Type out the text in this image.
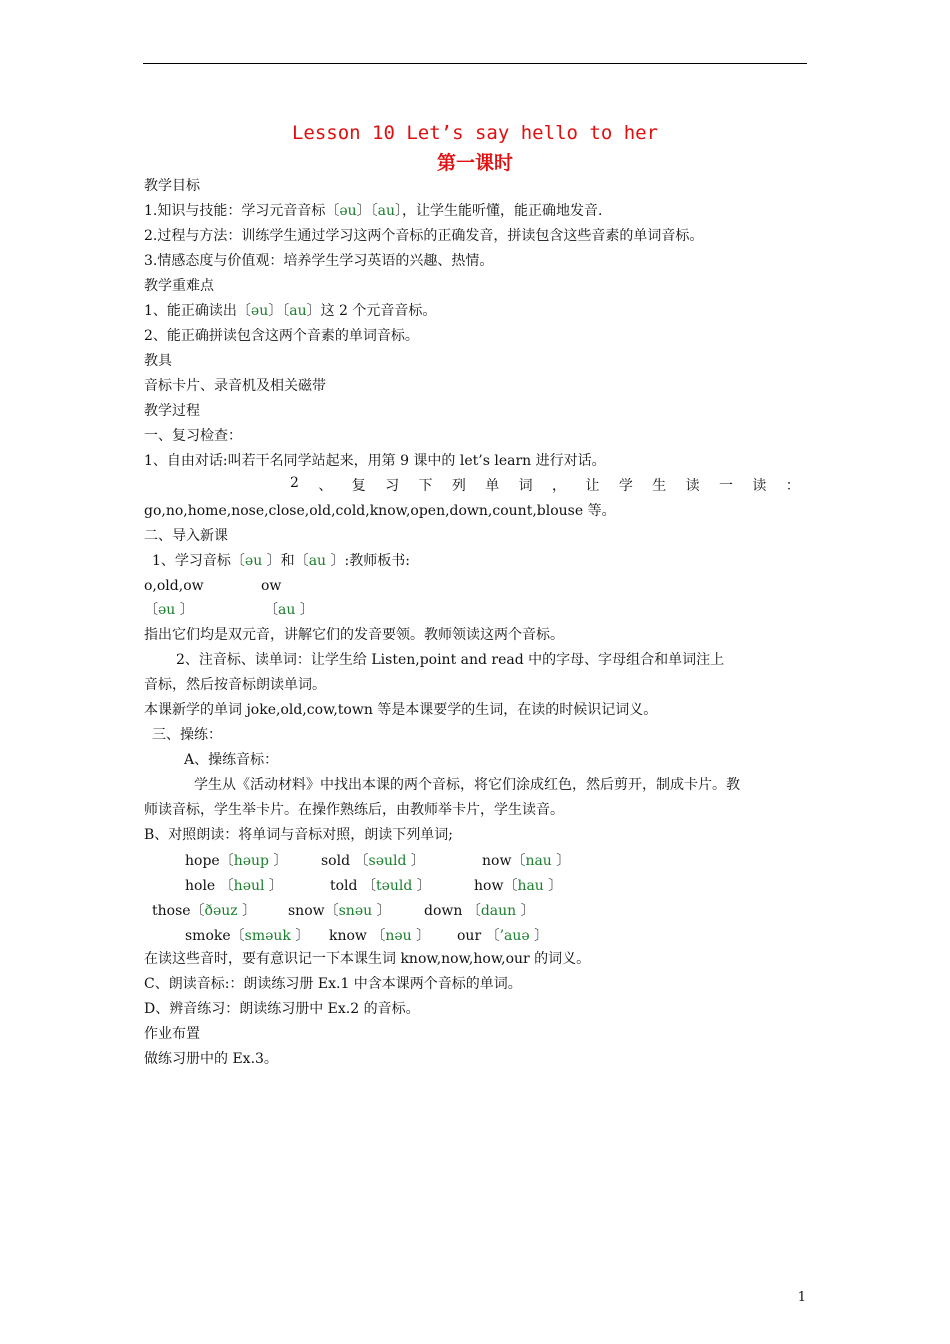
Lesson 10 Let’s say hello to her
第一课时
教学目标
1.知识与技能：学习元音音标〔əu〕〔au〕，让学生能听懂，能正确地发音.
2.过程与方法：训练学生通过学习这两个音标的正确发音，拼读包含这些音素的单词音标。
3.情感态度与价值观：培养学生学习英语的兴趣、热情。
教学重难点
1、能正确读出〔əu〕〔au〕这 2 个元音音标。
2、能正确拼读包含这两个音素的单词音标。
教具
音标卡片、录音机及相关磁带
教学过程
一、复习检查：
1、自由对话:叫若干名同学站起来，用第 9 课中的 let’s learn 进行对话。
2 、 复 习 下 列 单 词 ， 让 学 生 读 一 读 ：
go,no,home,nose,close,old,cold,know,open,down,count,blouse 等。
二、导入新课
1、学习音标〔əu 〕和〔au 〕:教师板书:
o,old,ow	ow
〔əu 〕	〔au 〕
指出它们均是双元音，讲解它们的发音要领。教师领读这两个音标。
2、注音标、读单词：让学生给 Listen,point and read 中的字母、字母组合和单词注上
音标，然后按音标朗读单词。
本课新学的单词 joke,old,cow,town 等是本课要学的生词，在读的时候识记词义。
三、操练：
A、操练音标：
学生从《活动材料》中找出本课的两个音标，将它们涂成红色，然后剪开，制成卡片。教
师读音标，学生举卡片。在操作熟练后，由教师举卡片，学生读音。
B、对照朗读：将单词与音标对照，朗读下列单词;
hope〔həup 〕 sold 〔səuld 〕	now〔nau 〕
hole 〔həul 〕	told 〔təuld 〕	how〔hau 〕
those〔ðəuz 〕 snow〔snəu 〕 down 〔daun 〕
smoke〔sməuk 〕 know 〔nəu 〕 our 〔’auə 〕
在读这些音时，要有意识记一下本课生词 know,now,how,our 的词义。
C、朗读音标:：朗读练习册 Ex.1 中含本课两个音标的单词。
D、辨音练习：朗读练习册中 Ex.2 的音标。
作业布置
做练习册中的 Ex.3。
1
